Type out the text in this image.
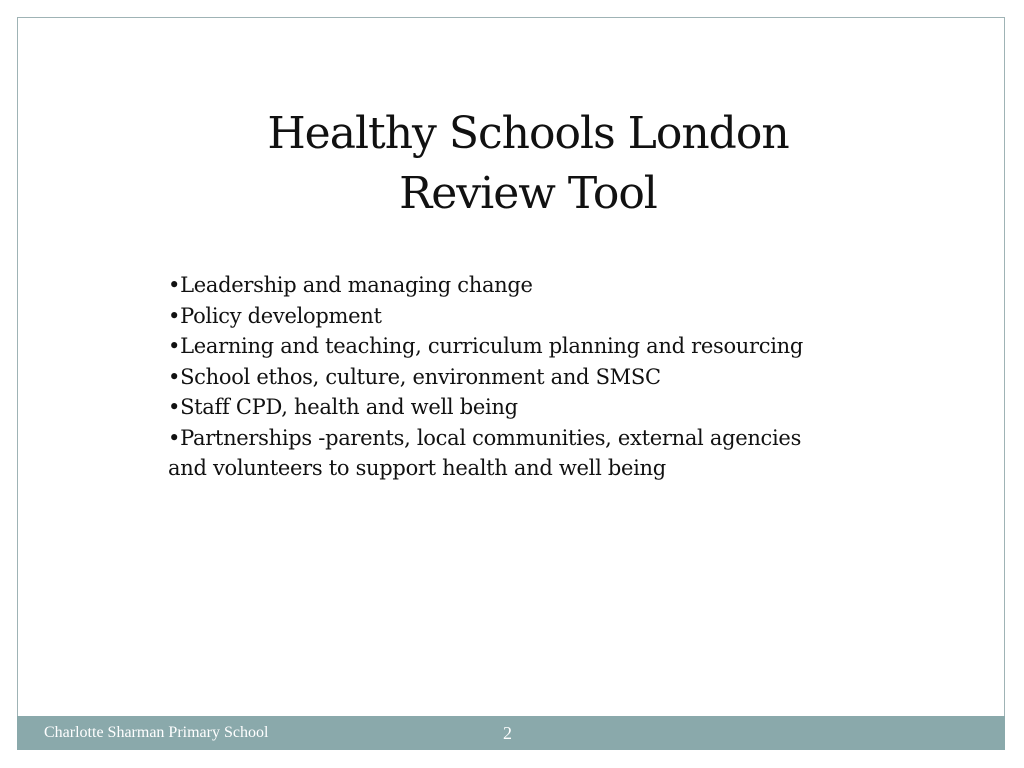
Healthy Schools London
Review Tool
•Leadership and managing change
•Policy development
•Learning and teaching, curriculum planning and resourcing
•School ethos, culture, environment and SMSC
•Staff CPD, health and well being
•Partnerships -parents, local communities, external agencies and volunteers to support health and well being
Charlotte Sharman Primary School	2
